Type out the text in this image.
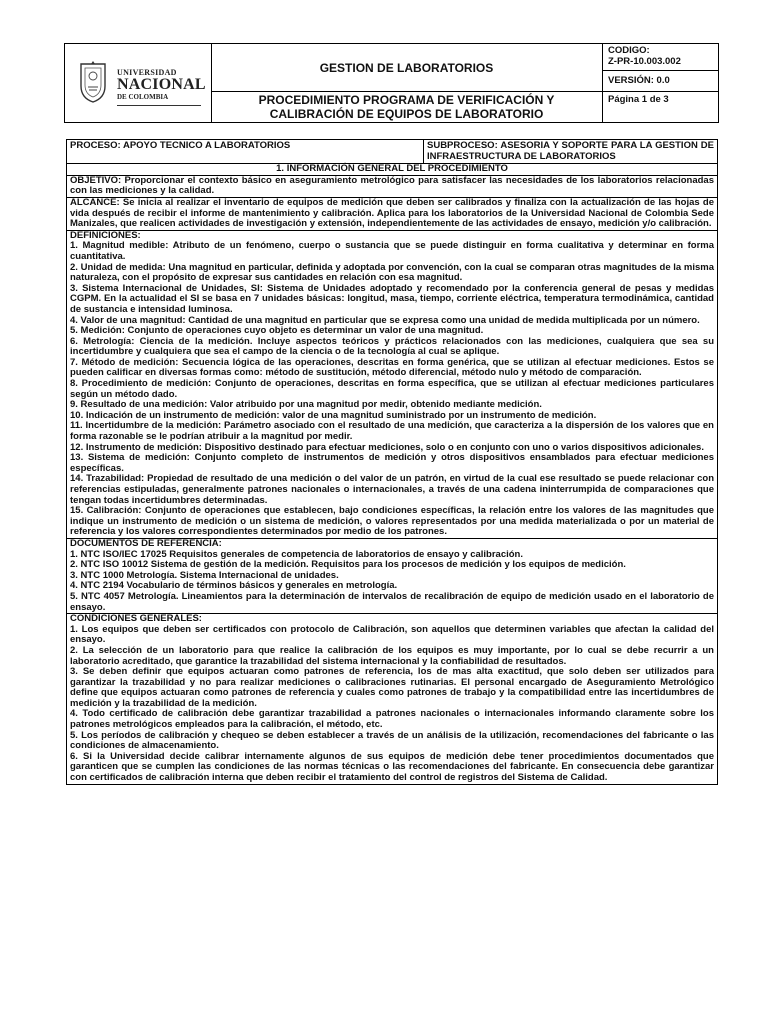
UNIVERSIDAD
NACIONAL
DE COLOMBIA
GESTION DE LABORATORIOS
PROCEDIMIENTO PROGRAMA DE VERIFICACIÓN Y
CALIBRACIÓN DE EQUIPOS DE LABORATORIO
CODIGO:
Z-PR-10.003.002
VERSIÓN: 0.0
Página 1 de 3
PROCESO: APOYO TECNICO A LABORATORIOS	SUBPROCESO: ASESORIA Y SOPORTE PARA LA GESTION DE INFRAESTRUCTURA DE LABORATORIOS
1. INFORMACIÓN GENERAL DEL PROCEDIMIENTO
OBJETIVO: Proporcionar el contexto básico en aseguramiento metrológico para satisfacer las necesidades de los laboratorios relacionadas con las mediciones y la calidad.
ALCANCE: Se inicia al realizar el inventario de equipos de medición que deben ser calibrados y finaliza con la actualización de las hojas de vida después de recibir el informe de mantenimiento y calibración. Aplica para los laboratorios de la Universidad Nacional de Colombia Sede Manizales, que realicen actividades de investigación y extensión, independientemente de las actividades de ensayo, medición y/o calibración.

DEFINICIONES:

1. Magnitud medible: Atributo de un fenómeno, cuerpo o sustancia que se puede distinguir en forma cualitativa y determinar en forma cuantitativa.

2. Unidad de medida: Una magnitud en particular, definida y adoptada por convención, con la cual se comparan otras magnitudes de la misma naturaleza, con el propósito de expresar sus cantidades en relación con esa magnitud.

3. Sistema Internacional de Unidades, SI: Sistema de Unidades adoptado y recomendado por la conferencia general de pesas y medidas CGPM. En la actualidad el SI se basa en 7 unidades básicas: longitud, masa, tiempo, corriente eléctrica, temperatura termodinámica, cantidad de sustancia e intensidad luminosa.

4. Valor de una magnitud: Cantidad de una magnitud en particular que se expresa como una unidad de medida multiplicada por un número.

5. Medición: Conjunto de operaciones cuyo objeto es determinar un valor de una magnitud.

6. Metrología: Ciencia de la medición. Incluye aspectos teóricos y prácticos relacionados con las mediciones, cualquiera que sea su incertidumbre y cualquiera que sea el campo de la ciencia o de la tecnología al cual se aplique.

7. Método de medición: Secuencia lógica de las operaciones, descritas en forma genérica, que se utilizan al efectuar mediciones. Estos se pueden calificar en diversas formas como: método de sustitución, método diferencial, método nulo y método de comparación.

8. Procedimiento de medición: Conjunto de operaciones, descritas en forma específica, que se utilizan al efectuar mediciones particulares según un método dado.

9. Resultado de una medición: Valor atribuido por una magnitud por medir, obtenido mediante medición.

10. Indicación de un instrumento de medición: valor de una magnitud suministrado por un instrumento de medición.

11. Incertidumbre de la medición: Parámetro asociado con el resultado de una medición, que caracteriza a la dispersión de los valores que en forma razonable se le podrían atribuir a la magnitud por medir.

12. Instrumento de medición: Dispositivo destinado para efectuar mediciones, solo o en conjunto con uno o varios dispositivos adicionales.

13. Sistema de medición: Conjunto completo de instrumentos de medición y otros dispositivos ensamblados para efectuar mediciones específicas.

14. Trazabilidad: Propiedad de resultado de una medición o del valor de un patrón, en virtud de la cual ese resultado se puede relacionar con referencias estipuladas, generalmente patrones nacionales o internacionales, a través de una cadena ininterrumpida de comparaciones que tengan todas incertidumbres determinadas.

15. Calibración: Conjunto de operaciones que establecen, bajo condiciones específicas, la relación entre los valores de las magnitudes que indique un instrumento de medición o un sistema de medición, o valores representados por una medida materializada o por un material de referencia y los valores correspondientes determinados por medio de los patrones.

DOCUMENTOS DE REFERENCIA:

1. NTC ISO/IEC 17025 Requisitos generales de competencia de laboratorios de ensayo y calibración.

2. NTC ISO 10012 Sistema de gestión de la medición. Requisitos para los procesos de medición y los equipos de medición.

3. NTC 1000 Metrología. Sistema Internacional de unidades.

4. NTC 2194 Vocabulario de términos básicos y generales en metrología.

5. NTC 4057 Metrología. Lineamientos para la determinación de intervalos de recalibración de equipo de medición usado en el laboratorio de ensayo.

CONDICIONES GENERALES:

1. Los equipos que deben ser certificados con protocolo de Calibración, son aquellos que determinen variables que afectan la calidad del ensayo.

2. La selección de un laboratorio para que realice la calibración de los equipos es muy importante, por lo cual se debe recurrir a un laboratorio acreditado, que garantice la trazabilidad del sistema internacional y la confiabilidad de resultados.

3. Se deben definir que equipos actuaran como patrones de referencia, los de mas alta exactitud, que solo deben ser utilizados para garantizar la trazabilidad y no para realizar mediciones o calibraciones rutinarias. El personal encargado de Aseguramiento Metrológico define que equipos actuaran como patrones de referencia y cuales como patrones de trabajo y la compatibilidad entre las incertidumbres de medición y la trazabilidad de la medición.

4. Todo certificado de calibración debe garantizar trazabilidad a patrones nacionales o internacionales informando claramente sobre los patrones metrológicos empleados para la calibración, el método, etc.

5. Los períodos de calibración y chequeo se deben establecer a través de un análisis de la utilización, recomendaciones del fabricante o las condiciones de almacenamiento.

6. Si la Universidad decide calibrar internamente algunos de sus equipos de medición debe tener procedimientos documentados que garanticen que se cumplen las condiciones de las normas técnicas o las recomendaciones del fabricante. En consecuencia debe garantizar con certificados de calibración interna que deben recibir el tratamiento del control de registros del Sistema de Calidad.
